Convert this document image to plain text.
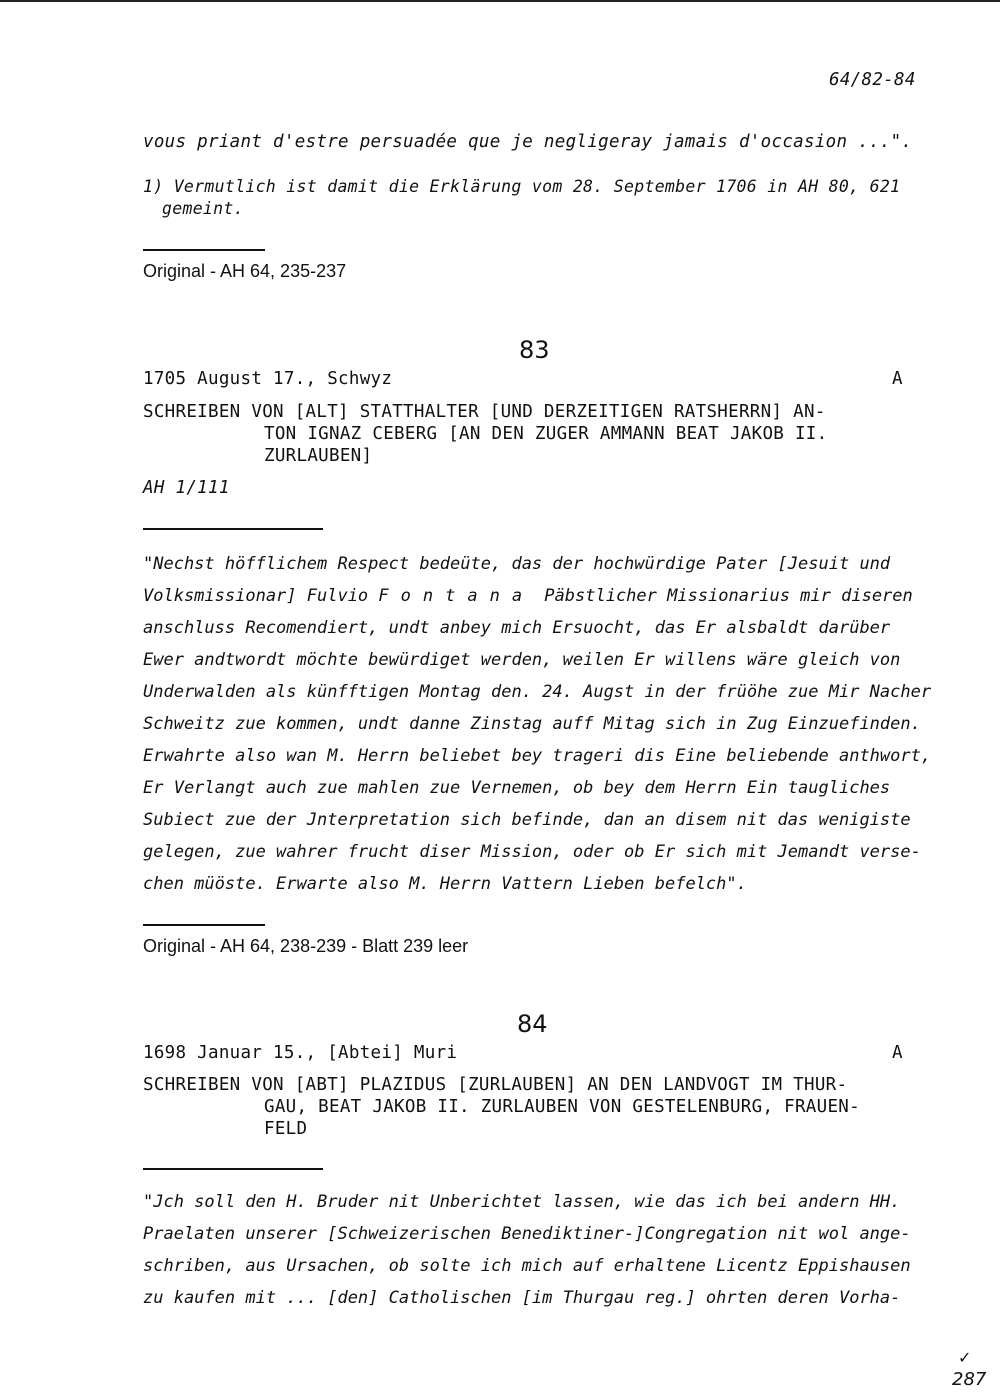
64/82-84
vous priant d'estre persuadée que je negligeray jamais d'occasion ...".
1) Vermutlich ist damit die Erklärung vom 28. September 1706 in AH 80, 621
gemeint.
Original - AH 64, 235-237
83
1705 August 17., Schwyz	A
SCHREIBEN VON [ALT] STATTHALTER [UND DERZEITIGEN RATSHERRN] AN-
TON IGNAZ CEBERG [AN DEN ZUGER AMMANN BEAT JAKOB II.
ZURLAUBEN]
AH 1/111
"Nechst höfflichem Respect bedeüte, das der hochwürdige Pater [Jesuit und
Volksmissionar] Fulvio Fontana Päbstlicher Missionarius mir diseren
anschluss Recomendiert, undt anbey mich Ersuocht, das Er alsbaldt darüber
Ewer andtwordt möchte bewürdiget werden, weilen Er willens wäre gleich von
Underwalden als künfftigen Montag den. 24. Augst in der früöhe zue Mir Nacher
Schweitz zue kommen, undt danne Zinstag auff Mitag sich in Zug Einzuefinden.
Erwahrte also wan M. Herrn beliebet bey trageri dis Eine beliebende anthwort,
Er Verlangt auch zue mahlen zue Vernemen, ob bey dem Herrn Ein taugliches
Subiect zue der Jnterpretation sich befinde, dan an disem nit das wenigiste
gelegen, zue wahrer frucht diser Mission, oder ob Er sich mit Jemandt verse-
chen müöste. Erwarte also M. Herrn Vattern Lieben befelch".
Original - AH 64, 238-239 - Blatt 239 leer
84
1698 Januar 15., [Abtei] Muri	A
SCHREIBEN VON [ABT] PLAZIDUS [ZURLAUBEN] AN DEN LANDVOGT IM THUR-
GAU, BEAT JAKOB II. ZURLAUBEN VON GESTELENBURG, FRAUEN-
FELD
"Jch soll den H. Bruder nit Unberichtet lassen, wie das ich bei andern HH.
Praelaten unserer [Schweizerischen Benediktiner-]Congregation nit wol ange-
schriben, aus Ursachen, ob solte ich mich auf erhaltene Licentz Eppishausen
zu kaufen mit ... [den] Catholischen [im Thurgau reg.] ohrten deren Vorha-
✓
287
